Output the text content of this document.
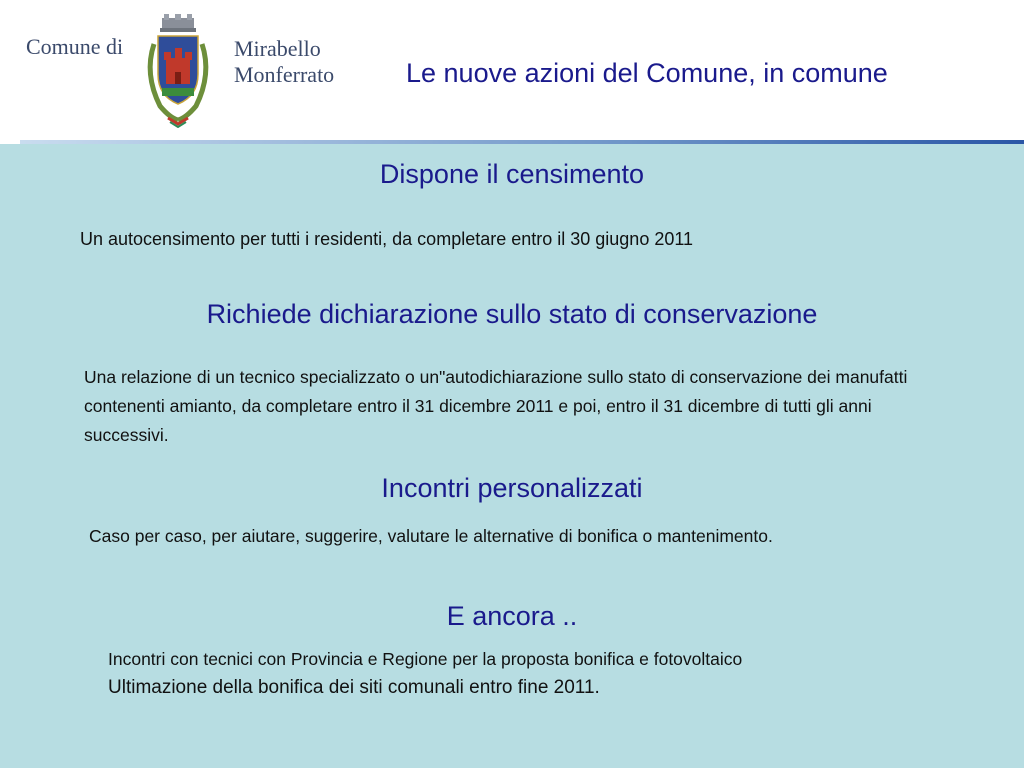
Comune di	Mirabello
Monferrato	Le nuove azioni del Comune, in comune
Dispone il censimento
Un autocensimento per tutti i residenti, da completare entro il 30 giugno 2011
Richiede dichiarazione sullo stato di conservazione
Una relazione di un tecnico specializzato o un"autodichiarazione sullo stato di conservazione dei manufatti contenenti amianto, da completare entro il 31 dicembre 2011 e poi, entro il 31 dicembre di tutti gli anni successivi.
Incontri personalizzati
Caso per caso, per aiutare, suggerire, valutare le alternative di bonifica o mantenimento.
E ancora ..
Incontri con tecnici con Provincia e Regione per la proposta bonifica e fotovoltaico
Ultimazione della bonifica dei siti comunali entro fine 2011.
